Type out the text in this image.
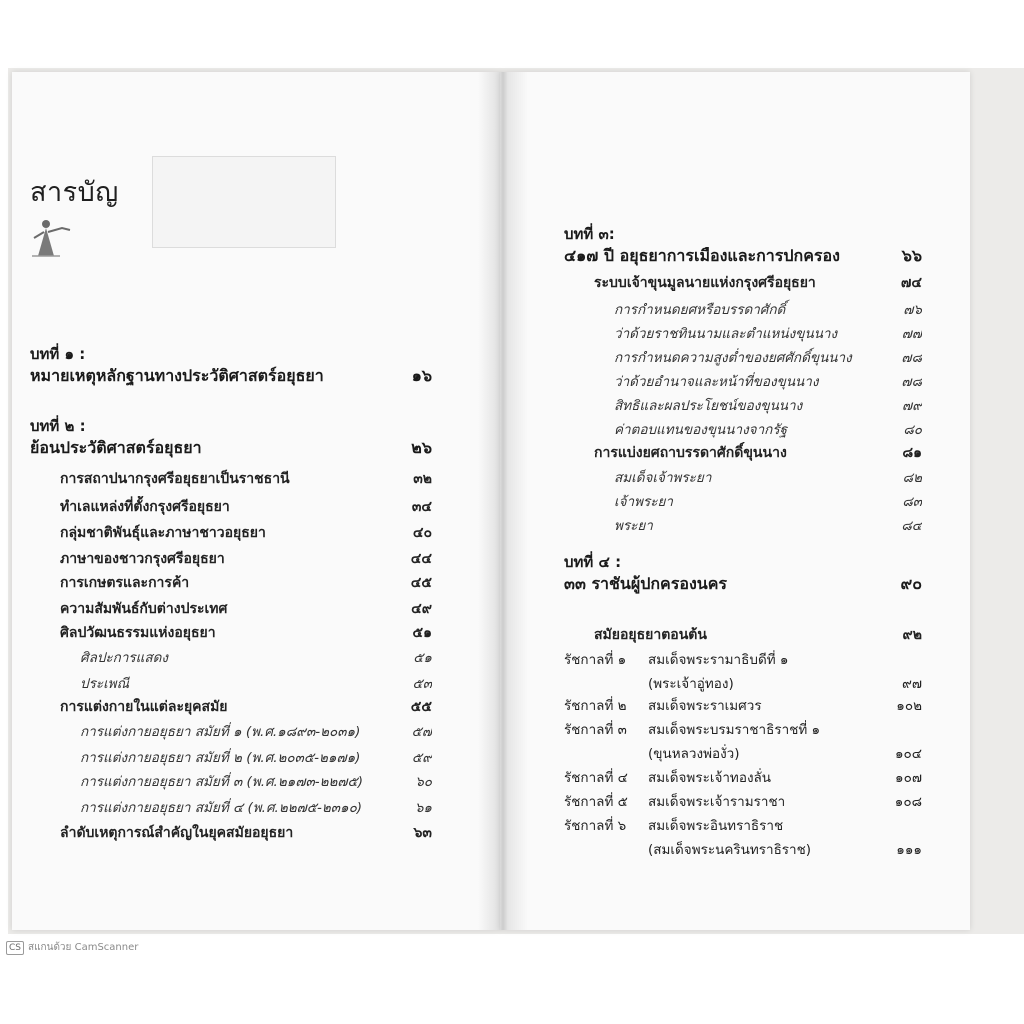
สารบัญ
บทที่ ๑ :
หมายเหตุหลักฐานทางประวัติศาสตร์อยุธยา	๑๖
บทที่ ๒ :
ย้อนประวัติศาสตร์อยุธยา	๒๖
การสถาปนากรุงศรีอยุธยาเป็นราชธานี	๓๒
ทำเลแหล่งที่ตั้งกรุงศรีอยุธยา	๓๔
กลุ่มชาติพันธุ์และภาษาชาวอยุธยา	๔๐
ภาษาของชาวกรุงศรีอยุธยา	๔๔
การเกษตรและการค้า	๔๕
ความสัมพันธ์กับต่างประเทศ	๔๙
ศิลปวัฒนธรรมแห่งอยุธยา	๕๑
ศิลปะการแสดง	๕๑
ประเพณี	๕๓
การแต่งกายในแต่ละยุคสมัย	๕๕
การแต่งกายอยุธยา สมัยที่ ๑ (พ.ศ.๑๘๙๓-๒๐๓๑)	๕๗
การแต่งกายอยุธยา สมัยที่ ๒ (พ.ศ.๒๐๓๕-๒๑๗๑)	๕๙
การแต่งกายอยุธยา สมัยที่ ๓ (พ.ศ.๒๑๗๓-๒๒๗๕)	๖๐
การแต่งกายอยุธยา สมัยที่ ๔ (พ.ศ.๒๒๗๕-๒๓๑๐)	๖๑
ลำดับเหตุการณ์สำคัญในยุคสมัยอยุธยา	๖๓
บทที่ ๓:
๔๑๗ ปี อยุธยาการเมืองและการปกครอง	๖๖
ระบบเจ้าขุนมูลนายแห่งกรุงศรีอยุธยา	๗๔
การกำหนดยศหรือบรรดาศักดิ์	๗๖
ว่าด้วยราชทินนามและตำแหน่งขุนนาง	๗๗
การกำหนดความสูงต่ำของยศศักดิ์ขุนนาง	๗๘
ว่าด้วยอำนาจและหน้าที่ของขุนนาง	๗๘
สิทธิและผลประโยชน์ของขุนนาง	๗๙
ค่าตอบแทนของขุนนางจากรัฐ	๘๐
การแบ่งยศถาบรรดาศักดิ์ขุนนาง	๘๑
สมเด็จเจ้าพระยา	๘๒
เจ้าพระยา	๘๓
พระยา	๘๔
บทที่ ๔ :
๓๓ ราชันผู้ปกครองนคร	๙๐
สมัยอยุธยาตอนต้น	๙๒
รัชกาลที่ ๑	สมเด็จพระรามาธิบดีที่ ๑
(พระเจ้าอู่ทอง)	๙๗
รัชกาลที่ ๒	สมเด็จพระราเมศวร	๑๐๒
รัชกาลที่ ๓	สมเด็จพระบรมราชาธิราชที่ ๑
(ขุนหลวงพ่องั่ว)	๑๐๔
รัชกาลที่ ๔	สมเด็จพระเจ้าทองลั่น	๑๐๗
รัชกาลที่ ๕	สมเด็จพระเจ้ารามราชา	๑๐๘
รัชกาลที่ ๖	สมเด็จพระอินทราธิราช
(สมเด็จพระนครินทราธิราช)	๑๑๑
CS สแกนด้วย CamScanner
